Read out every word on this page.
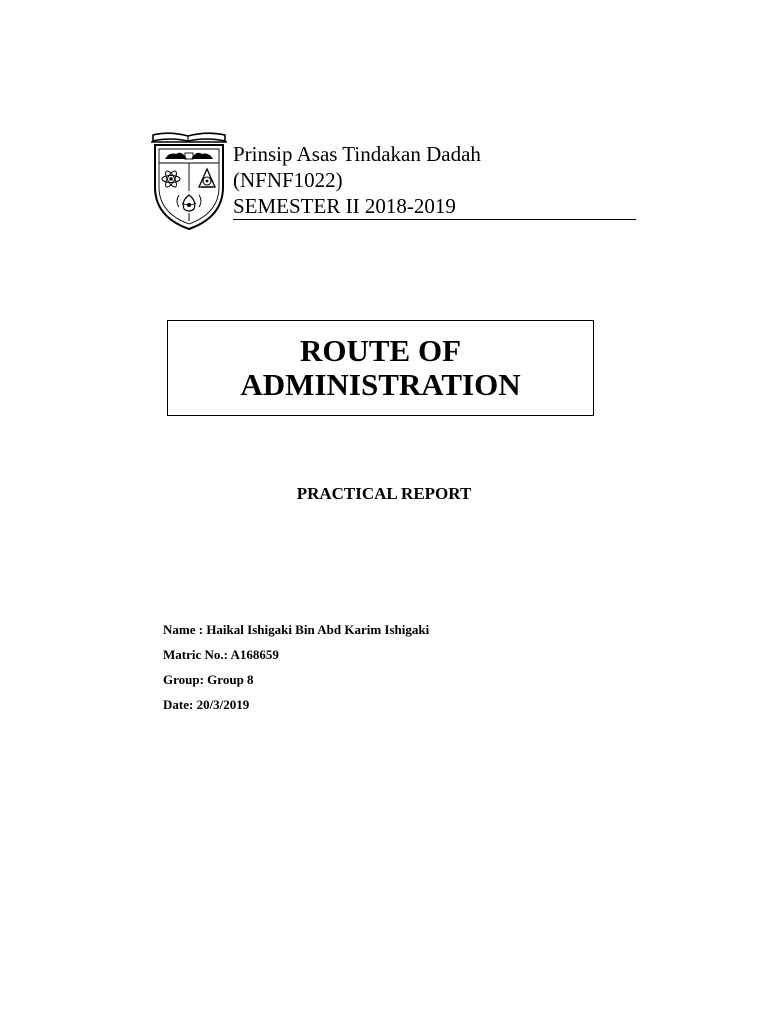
Prinsip Asas Tindakan Dadah
(NFNF1022)
SEMESTER II 2018-2019
ROUTE OF
ADMINISTRATION
PRACTICAL REPORT
Name : Haikal Ishigaki Bin Abd Karim Ishigaki
Matric No.: A168659
Group: Group 8
Date: 20/3/2019
